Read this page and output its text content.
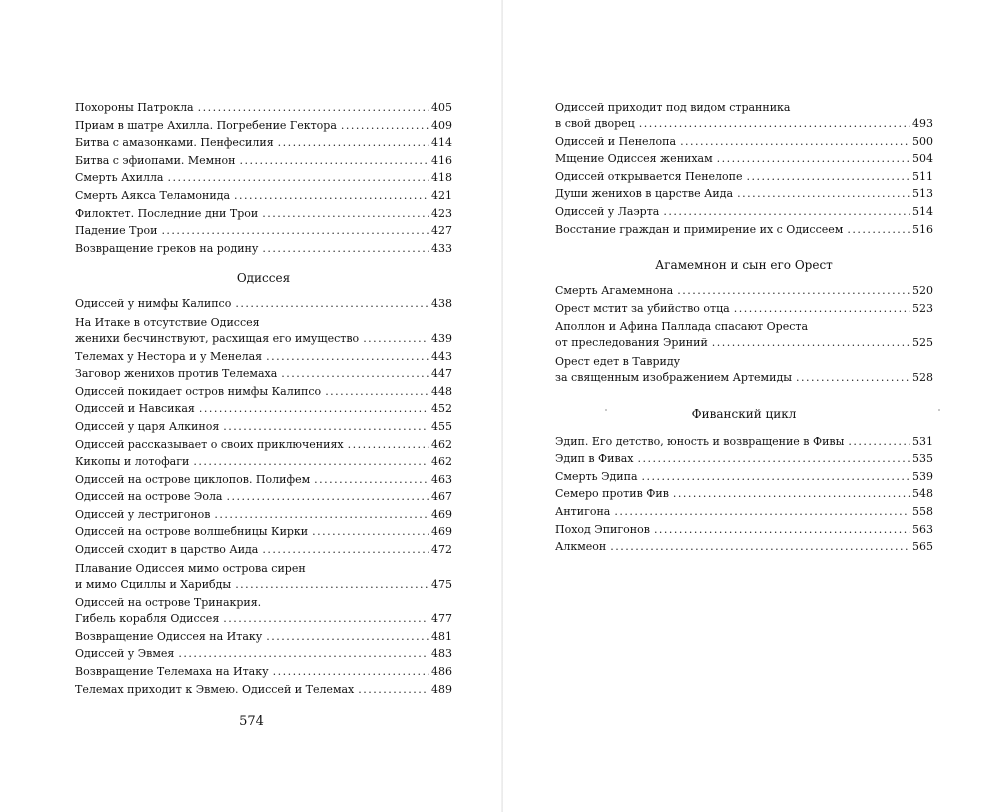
Похороны Патрокла .....	405
Приам в шатре Ахилла. Погребение Гектора .....	409
Битва с амазонками. Пенфесилия .....	414
Битва с эфиопами. Мемнон .....	416
Смерть Ахилла .....	418
Смерть Аякса Теламонида .....	421
Филоктет. Последние дни Трои .....	423
Падение Трои .....	427
Возвращение греков на родину .....	433
Одиссея
Одиссей у нимфы Калипсо .....	438
На Итаке в отсутствие Одиссея
женихи бесчинствуют, расхищая его имущество .....	439
Телемах у Нестора и у Менелая .....	443
Заговор женихов против Телемаха .....	447
Одиссей покидает остров нимфы Калипсо .....	448
Одиссей и Навсикая .....	452
Одиссей у царя Алкиноя .....	455
Одиссей рассказывает о своих приключениях .....	462
Кикопы и лотофаги .....	462
Одиссей на острове циклопов. Полифем .....	463
Одиссей на острове Эола .....	467
Одиссей у лестригонов .....	469
Одиссей на острове волшебницы Кирки .....	469
Одиссей сходит в царство Аида .....	472
Плавание Одиссея мимо острова сирен
и мимо Сциллы и Харибды .....	475
Одиссей на острове Тринакрия.
Гибель корабля Одиссея .....	477
Возвращение Одиссея на Итаку .....	481
Одиссей у Эвмея .....	483
Возвращение Телемаха на Итаку .....	486
Телемах приходит к Эвмею. Одиссей и Телемах .....	489
574
Одиссей приходит под видом странника
в свой дворец .....	493
Одиссей и Пенелопа .....	500
Мщение Одиссея женихам .....	504
Одиссей открывается Пенелопе .....	511
Души женихов в царстве Аида .....	513
Одиссей у Лаэрта .....	514
Восстание граждан и примирение их с Одиссеем .....	516
Агамемнон и сын его Орест
Смерть Агамемнона .....	520
Орест мстит за убийство отца .....	523
Аполлон и Афина Паллада спасают Ореста
от преследования Эриний .....	525
Орест едет в Тавриду
за священным изображением Артемиды .....	528
Фиванский цикл
Эдип. Его детство, юность и возвращение в Фивы .....	531
Эдип в Фивах .....	535
Смерть Эдипа .....	539
Семеро против Фив .....	548
Антигона .....	558
Поход Эпигонов .....	563
Алкмеон .....	565
